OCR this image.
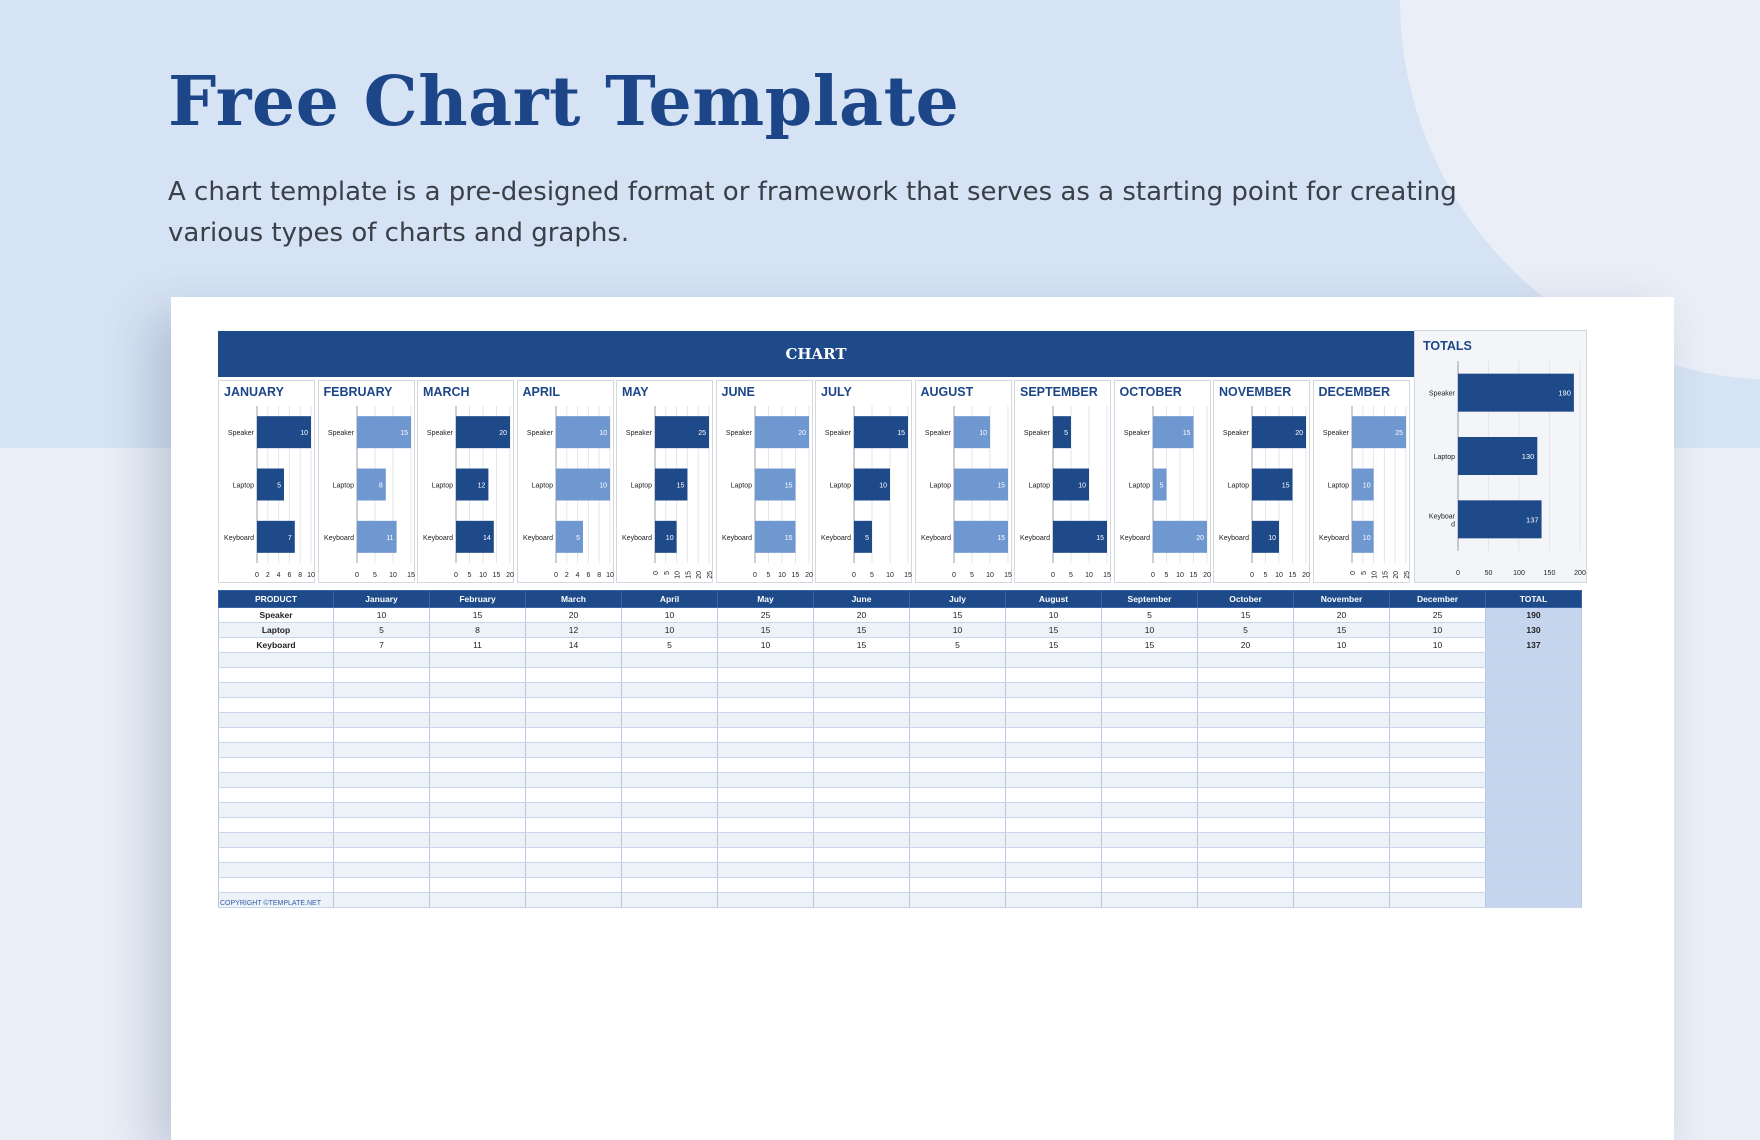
Free Chart Template

A chart template is a pre-designed format or framework that serves as a starting point for creating various types of charts and graphs.

CHART
JANUARY
10
Speaker
5
Laptop
7
Keyboard
0 2 4 6 8 10
FEBRUARY
15
Speaker
8
Laptop
11
Keyboard
0 5 10 15
MARCH
20
Speaker
12
Laptop
14
Keyboard
0 5 10 15 20
APRIL
10
Speaker
10
Laptop
5
Keyboard
0 2 4 6 8 10
MAY
25
Speaker
15
Laptop
10
Keyboard
0 5 10 15 20 25
JUNE
20
Speaker
15
Laptop
15
Keyboard
0 5 10 15 20
JULY
15
Speaker
10
Laptop
5
Keyboard
0 5 10 15
AUGUST
10
Speaker
15
Laptop
15
Keyboard
0 5 10 15
SEPTEMBER
5
Speaker
10
Laptop
15
Keyboard
0 5 10 15
OCTOBER
15
Speaker
5
Laptop
20
Keyboard
0 5 10 15 20
NOVEMBER
20
Speaker
15
Laptop
10
Keyboard
0 5 10 15 20
DECEMBER
25
Speaker
10
Laptop
10
Keyboard
0 5 10 15 20 25
TOTALS
190
Speaker
130
Laptop
137
Keyboar
d
0	50	100	150	200
PRODUCT	January	February	March	April	May	June	July	August	September	October	November	December	TOTAL
Speaker	10	15	20	10	25	20	15	10	5	15	20	25	190
Laptop	5	8	12	10	15	15	10	15	10	5	15	10	130
Keyboard	7	11	14	5	10	15	5	15	15	20	10	10	137

COPYRIGHT ©TEMPLATE.NET
